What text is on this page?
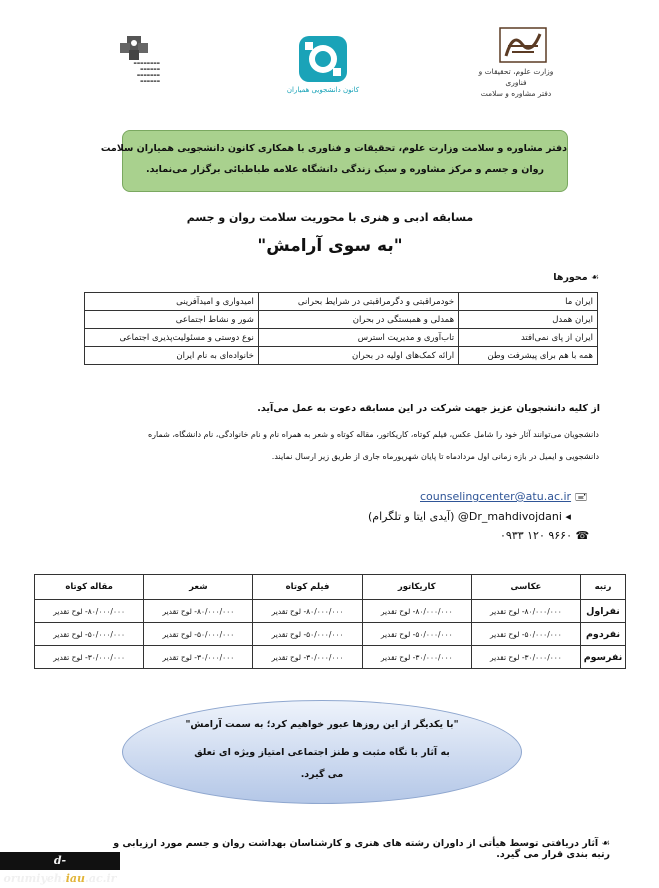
▬▬▬▬▬▬▬▬
▬▬▬▬▬▬
▬▬▬▬▬▬▬
▬▬▬▬▬▬
کانون دانشجویی همیاران
وزارت علوم، تحقیقات و فناوری
دفتر مشاوره و سلامت
دفتر مشاوره و سلامت وزارت علوم، تحقیقات و فناوری با همکاری کانون دانشجویی همیاران سلامت
روان و جسم و مرکز مشاوره و سبک زندگی دانشگاه علامه طباطبائی برگزار می‌نماید.
مسابقه ادبی و هنری با محوریت سلامت روان و جسم
"به سوی آرامش"
☙ محورها
ایران ما	خودمراقبتی و دگرمراقبتی در شرایط بحرانی	امیدواری و امیدآفرینی
ایران همدل	همدلی و همبستگی در بحران	شور و نشاط اجتماعی
ایران از پای نمی‌افتد	تاب‌آوری و مدیریت استرس	نوع دوستی و مسئولیت‌پذیری اجتماعی
همه با هم برای پیشرفت وطن	ارائه کمک‌های اولیه در بحران	خانواده‌ای به نام ایران
از کلیه دانشجویان عزیز جهت شرکت در این مسابقه دعوت به عمل می‌آید.
دانشجویان می‌توانند آثار خود را شامل عکس، فیلم کوتاه، کاریکاتور، مقاله کوتاه و شعر به همراه نام و نام خانوادگی، نام دانشگاه، شماره
دانشجویی و ایمیل در بازه زمانی اول مردادماه تا پایان شهریورماه جاری از طریق زیر ارسال نمایند.
counselingcenter@atu.ac.ir 🖃
(آیدی ایتا و تلگرام) @Dr_mahdivojdani ◂
۰۹۳۳ ۱۲۰ ۹۶۶۰ ☎
رتبه	عکاسی	کاریکاتور	فیلم کوتاه	شعر	مقاله کوتاه
نفراول	۸۰/۰۰۰/۰۰۰- لوح تقدیر	۸۰/۰۰۰/۰۰۰- لوح تقدیر	۸۰/۰۰۰/۰۰۰- لوح تقدیر	۸۰/۰۰۰/۰۰۰- لوح تقدیر	۸۰/۰۰۰/۰۰۰- لوح تقدیر
نفردوم	۵۰/۰۰۰/۰۰۰- لوح تقدیر	۵۰/۰۰۰/۰۰۰- لوح تقدیر	۵۰/۰۰۰/۰۰۰- لوح تقدیر	۵۰/۰۰۰/۰۰۰- لوح تقدیر	۵۰/۰۰۰/۰۰۰- لوح تقدیر
نفرسوم	۳۰/۰۰۰/۰۰۰- لوح تقدیر	۳۰/۰۰۰/۰۰۰- لوح تقدیر	۳۰/۰۰۰/۰۰۰- لوح تقدیر	۳۰/۰۰۰/۰۰۰- لوح تقدیر	۳۰/۰۰۰/۰۰۰- لوح تقدیر
"با یکدیگر از این روزها عبور خواهیم کرد؛ به سمت آرامش"
به آثار با نگاه مثبت و طنز اجتماعی امتیاز ویژه ای تعلق
می گیرد.
☙ آثار دریافتی توسط هیأتی از داوران رشته های هنری و کارشناسان بهداشت روان و جسم مورد ارزیابی و رتبه بندی قرار می گیرد.
d-orumiyeh.iau.ac.ir
